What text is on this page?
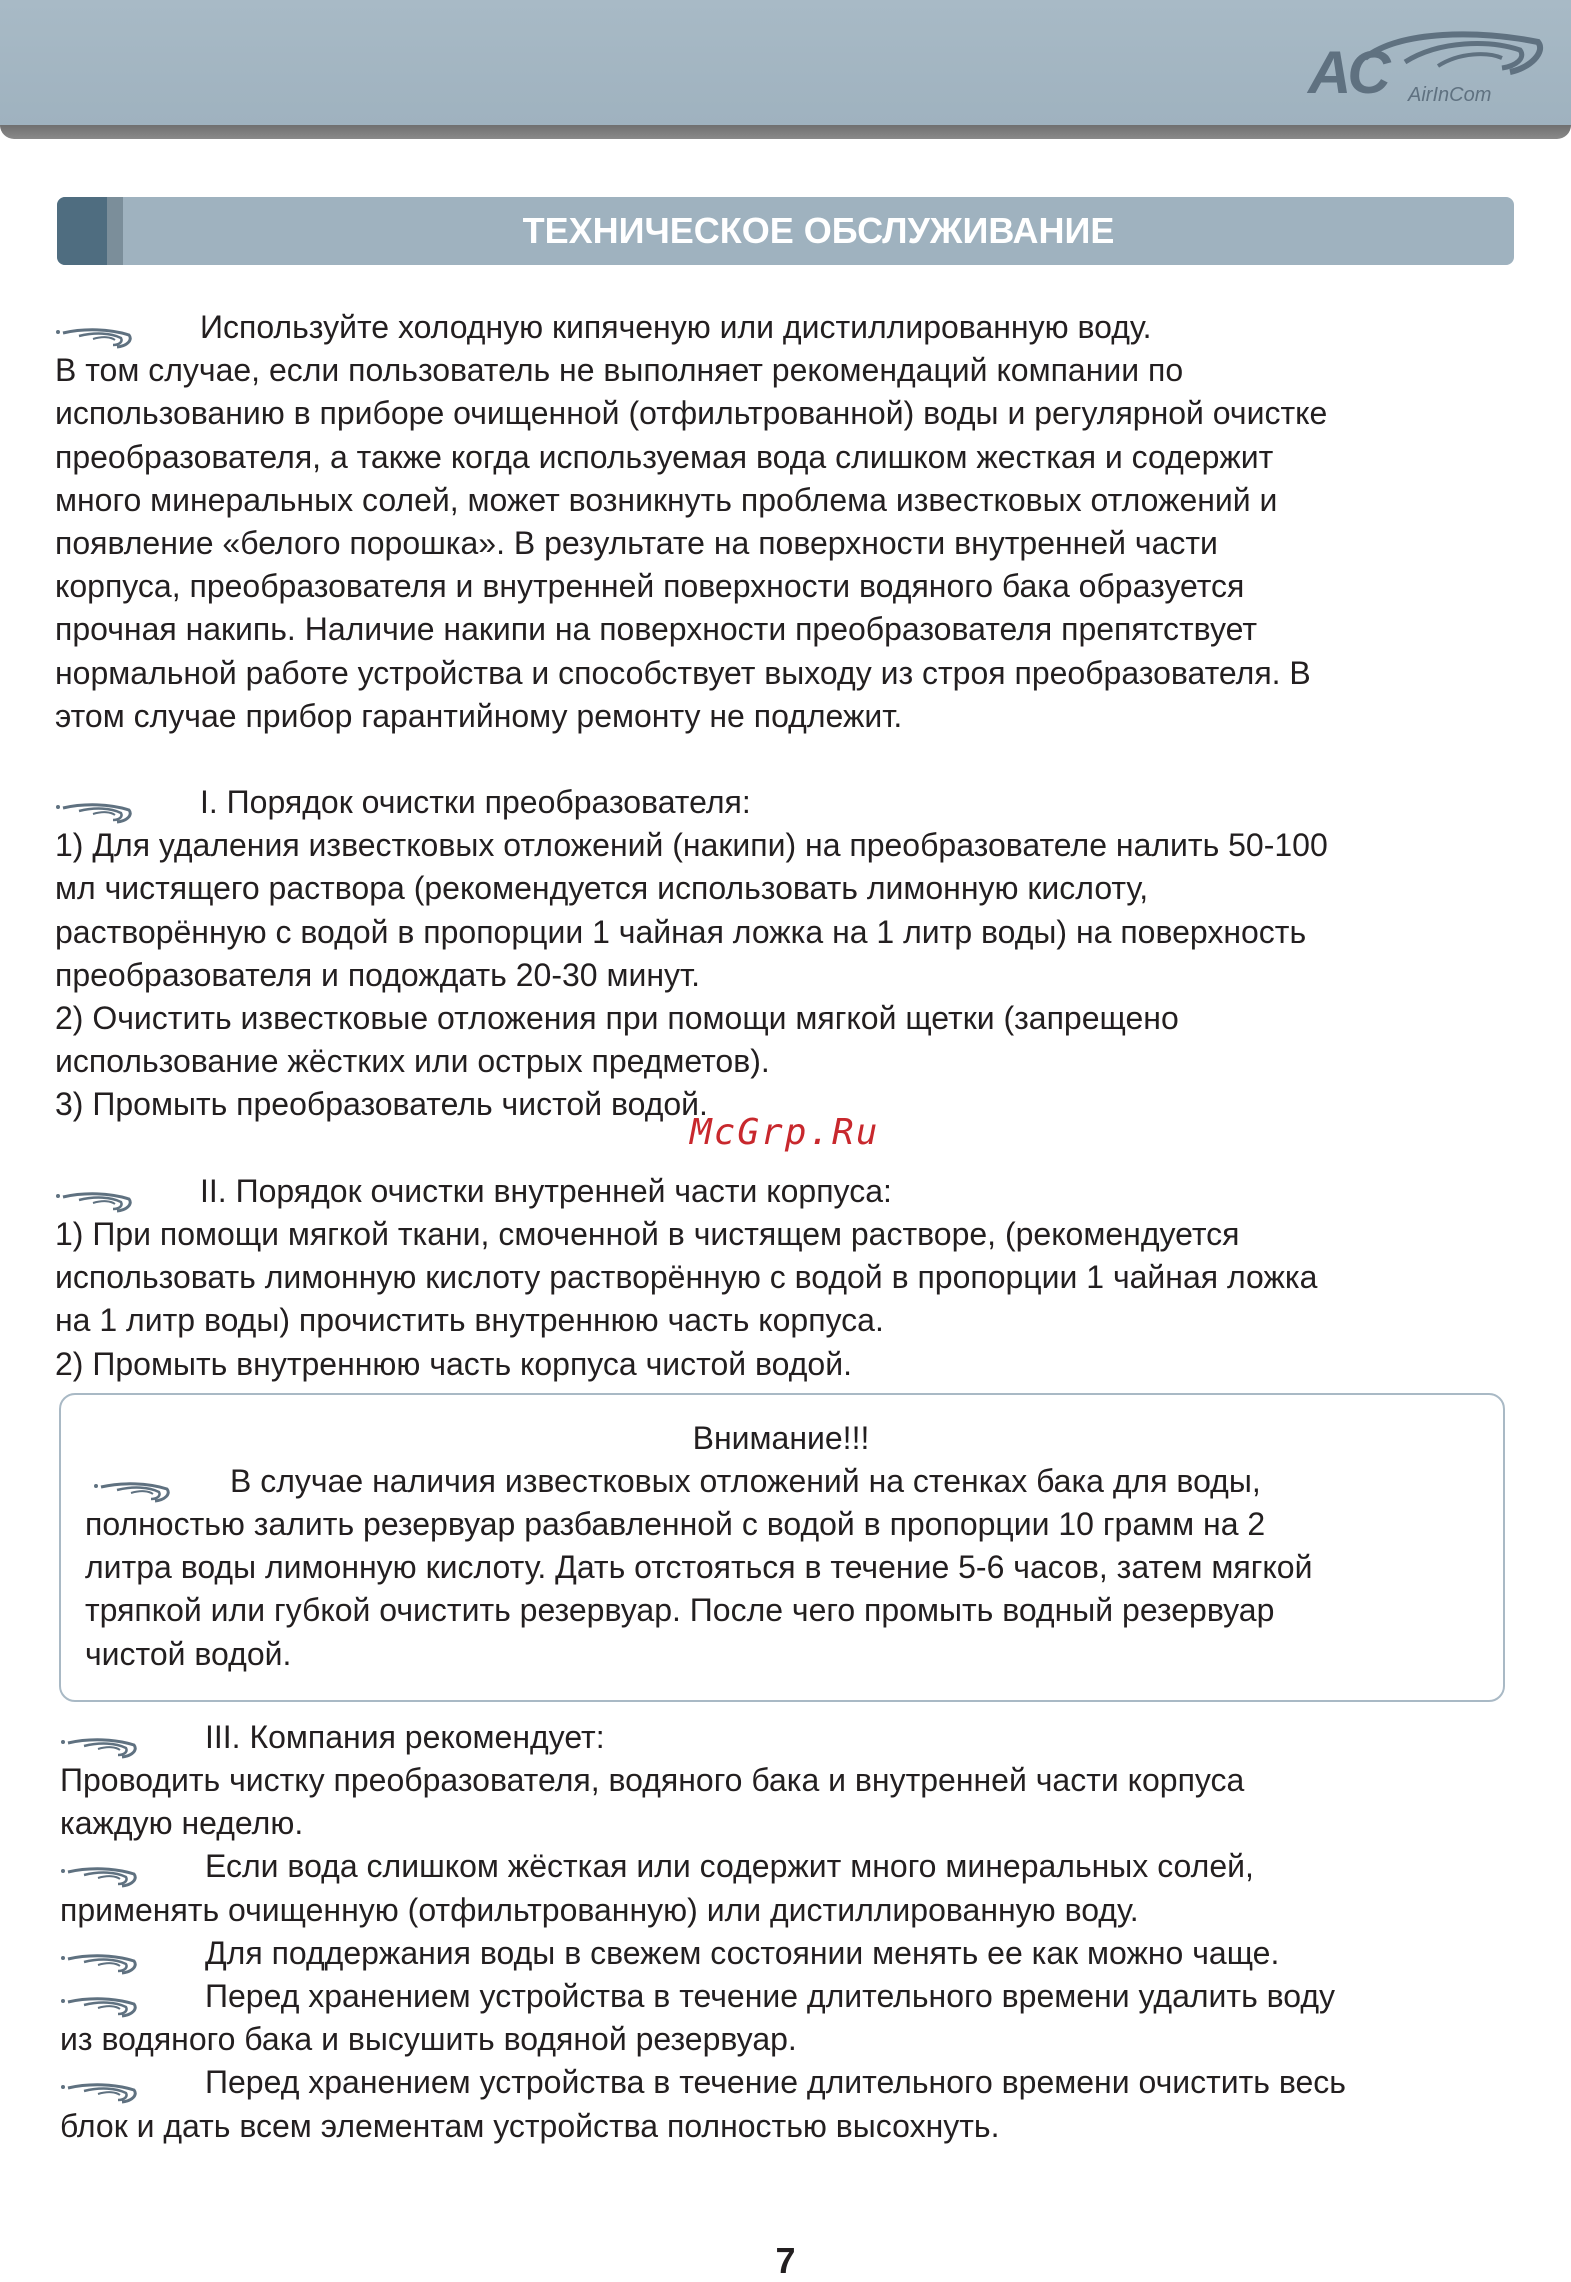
AC AirInCom
ТЕХНИЧЕСКОЕ ОБСЛУЖИВАНИЕ
Используйте холодную кипяченую или дистиллированную воду.
В том случае, если пользователь не выполняет рекомендаций компании по
использованию в приборе очищенной (отфильтрованной) воды и регулярной очистке
преобразователя, а также когда используемая вода слишком жесткая и содержит
много минеральных солей, может возникнуть проблема известковых отложений и
появление «белого порошка». В результате на поверхности внутренней части
корпуса, преобразователя и внутренней поверхности водяного бака образуется
прочная накипь. Наличие накипи на поверхности преобразователя препятствует
нормальной работе устройства и способствует выходу из строя преобразователя. В
этом случае прибор гарантийному ремонту не подлежит.
I. Порядок очистки преобразователя:
1) Для удаления известковых отложений (накипи) на преобразователе налить 50-100
мл чистящего раствора (рекомендуется использовать лимонную кислоту,
растворённую с водой в пропорции 1 чайная ложка на 1 литр воды) на поверхность
преобразователя и подождать 20-30 минут.
2) Очистить известковые отложения при помощи мягкой щетки (запрещено
использование жёстких или острых предметов).
3) Промыть преобразователь чистой водой.
II. Порядок очистки внутренней части корпуса:
1) При помощи мягкой ткани, смоченной в чистящем растворе, (рекомендуется
использовать лимонную кислоту растворённую с водой в пропорции 1 чайная ложка
на 1 литр воды) прочистить внутреннюю часть корпуса.
2) Промыть внутреннюю часть корпуса чистой водой.
Внимание!!!
В случае наличия известковых отложений на стенках бака для воды,
полностью залить резервуар разбавленной с водой в пропорции 10 грамм на 2
литра воды лимонную кислоту. Дать отстояться в течение 5-6 часов, затем мягкой
тряпкой или губкой очистить резервуар. После чего промыть водный резервуар
чистой водой.
III. Компания рекомендует:
Проводить чистку преобразователя, водяного бака и внутренней части корпуса
каждую неделю.
Если вода слишком жёсткая или содержит много минеральных солей,
применять очищенную (отфильтрованную) или дистиллированную воду.
Для поддержания воды в свежем состоянии менять ее как можно чаще.
Перед хранением устройства в течение длительного времени удалить воду
из водяного бака и высушить водяной резервуар.
Перед хранением устройства в течение длительного времени очистить весь
блок и дать всем элементам устройства полностью высохнуть.
McGrp.Ru
7
